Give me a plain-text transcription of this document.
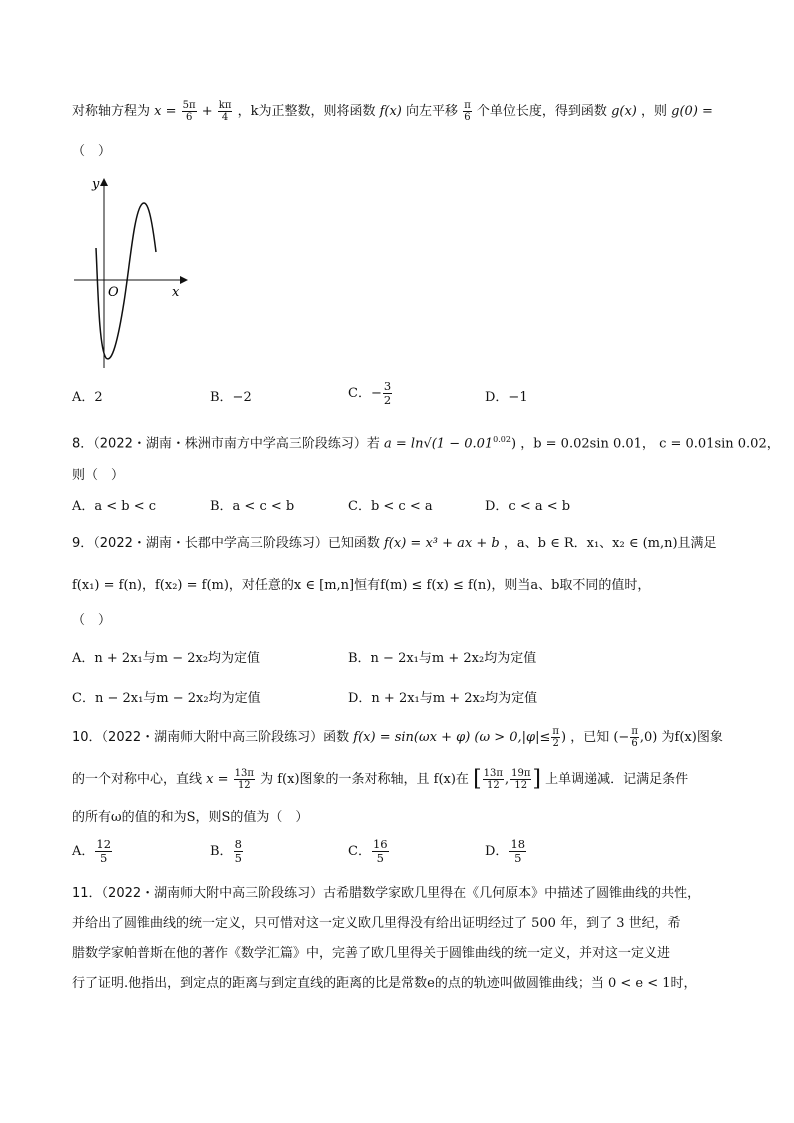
对称轴方程为 $x = \frac{5\pi}{6} + \frac{k\pi}{4}$ ，k为正整数，则将函数 f(x) 向左平移 $\frac{\pi}{6}$ 个单位长度，得到函数 g(x) ，则 g(0) =
（　）
y
x
O
A．2	B．−2	C．− $\frac{3}{2}$	D．−1
8．（2022・湖南・株洲市南方中学高三阶段练习）若 $a = \ln√(1 - 0.01^{0.02})$ ，b = 0.02sin 0.01， c = 0.01sin 0.02，
则（　）
A．a < b < c	B．a < c < b	C．b < c < a	D．c < a < b
9．（2022・湖南・长郡中学高三阶段练习）已知函数 f(x) = x³ + ax + b ，a、b ∈ R．x₁、x₂ ∈ (m,n)且满足
f(x₁) = f(n)，f(x₂) = f(m)，对任意的x ∈ [m,n]恒有f(m) ≤ f(x) ≤ f(n)，则当a、b取不同的值时，
（　）
A．n + 2x₁与m − 2x₂均为定值	B．n − 2x₁与m + 2x₂均为定值
C．n − 2x₁与m − 2x₂均为定值	D．n + 2x₁与m + 2x₂均为定值
10．（2022・湖南师大附中高三阶段练习）函数 f(x) = sin(ωx + φ) ($\omega > 0,|\varphi|\le \frac{\pi}{2}$ ) ，已知 (− $\frac{\pi}{6} ,0$) 为f(x)图象
的一个对称中心，直线 $x = \frac{13\pi}{12}$ 为 f(x)图象的一条对称轴，且 f(x)在 [ $\frac{13\pi}{12}$ , $\frac{19\pi}{12}$ ] 上单调递减．记满足条件
的所有ω的值的和为S，则S的值为（　）
A． $\frac{12}{5}$	B． $\frac{8}{5}$	C． $\frac{16}{5}$	D． $\frac{18}{5}$
11．（2022・湖南师大附中高三阶段练习）古希腊数学家欧几里得在《几何原本》中描述了圆锥曲线的共性，
并给出了圆锥曲线的统一定义，只可惜对这一定义欧几里得没有给出证明经过了 500 年，到了 3 世纪，希
腊数学家帕普斯在他的著作《数学汇篇》中，完善了欧几里得关于圆锥曲线的统一定义，并对这一定义进
行了证明.他指出，到定点的距离与到定直线的距离的比是常数e的点的轨迹叫做圆锥曲线；当 0 < e < 1时，
